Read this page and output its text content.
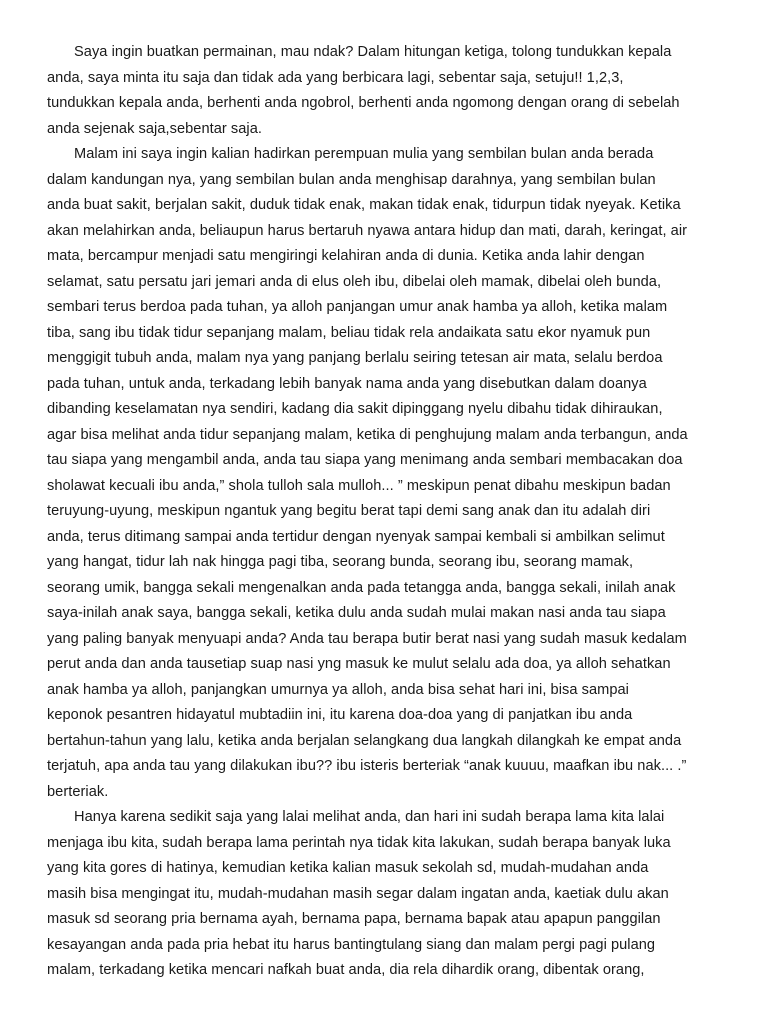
Saya ingin buatkan permainan, mau ndak? Dalam hitungan ketiga, tolong tundukkan kepala
anda, saya minta itu saja dan tidak ada yang berbicara lagi, sebentar saja, setuju!! 1,2,3,
tundukkan kepala anda, berhenti anda ngobrol, berhenti anda ngomong dengan orang di sebelah
anda sejenak saja,sebentar saja.
Malam ini saya ingin kalian hadirkan perempuan mulia yang sembilan bulan anda berada
dalam kandungan nya, yang sembilan bulan anda menghisap darahnya, yang sembilan bulan
anda buat sakit, berjalan sakit, duduk tidak enak, makan tidak enak, tidurpun tidak nyeyak. Ketika
akan melahirkan anda, beliaupun harus bertaruh nyawa antara hidup dan mati, darah, keringat, air
mata, bercampur menjadi satu mengiringi kelahiran anda di dunia. Ketika anda lahir dengan
selamat, satu persatu jari jemari anda di elus oleh ibu, dibelai oleh mamak, dibelai oleh bunda,
sembari terus berdoa pada tuhan, ya alloh panjangan umur anak hamba ya alloh, ketika malam
tiba, sang ibu tidak tidur sepanjang malam, beliau tidak rela andaikata satu ekor nyamuk pun
menggigit tubuh anda, malam nya yang panjang berlalu seiring tetesan air mata, selalu berdoa
pada tuhan, untuk anda, terkadang lebih banyak nama anda yang disebutkan dalam doanya
dibanding keselamatan nya sendiri, kadang dia sakit dipinggang nyelu dibahu tidak dihiraukan,
agar bisa melihat anda tidur sepanjang malam, ketika di penghujung malam anda terbangun, anda
tau siapa yang mengambil anda, anda tau siapa yang menimang anda sembari membacakan doa
sholawat kecuali ibu anda,” shola tulloh sala mulloh... ” meskipun penat dibahu meskipun badan
teruyung-uyung, meskipun ngantuk yang begitu berat tapi demi sang anak dan itu adalah diri
anda, terus ditimang sampai anda tertidur dengan nyenyak sampai kembali si ambilkan selimut
yang hangat, tidur lah nak hingga pagi tiba, seorang bunda, seorang ibu, seorang mamak,
seorang umik, bangga sekali mengenalkan anda pada tetangga anda, bangga sekali, inilah anak
saya-inilah anak saya, bangga sekali, ketika dulu anda sudah mulai makan nasi anda tau siapa
yang paling banyak menyuapi anda? Anda tau berapa butir berat nasi yang sudah masuk kedalam
perut anda dan anda tausetiap suap nasi yng masuk ke mulut selalu ada doa, ya alloh sehatkan
anak hamba ya alloh, panjangkan umurnya ya alloh, anda bisa sehat hari ini, bisa sampai
keponok pesantren hidayatul mubtadiin ini, itu karena doa-doa yang di panjatkan ibu anda
bertahun-tahun yang lalu, ketika anda berjalan selangkang dua langkah dilangkah ke empat anda
terjatuh, apa anda tau yang dilakukan ibu?? ibu isteris berteriak “anak kuuuu, maafkan ibu nak... .”
berteriak.
Hanya karena sedikit saja yang lalai melihat anda, dan hari ini sudah berapa lama kita lalai
menjaga ibu kita, sudah berapa lama perintah nya tidak kita lakukan, sudah berapa banyak luka
yang kita gores di hatinya, kemudian ketika kalian masuk sekolah sd, mudah-mudahan anda
masih bisa mengingat itu, mudah-mudahan masih segar dalam ingatan anda, kaetiak dulu akan
masuk sd seorang pria bernama ayah, bernama papa, bernama bapak atau apapun panggilan
kesayangan anda pada pria hebat itu harus bantingtulang siang dan malam pergi pagi pulang
malam, terkadang ketika mencari nafkah buat anda, dia rela dihardik orang, dibentak orang,
